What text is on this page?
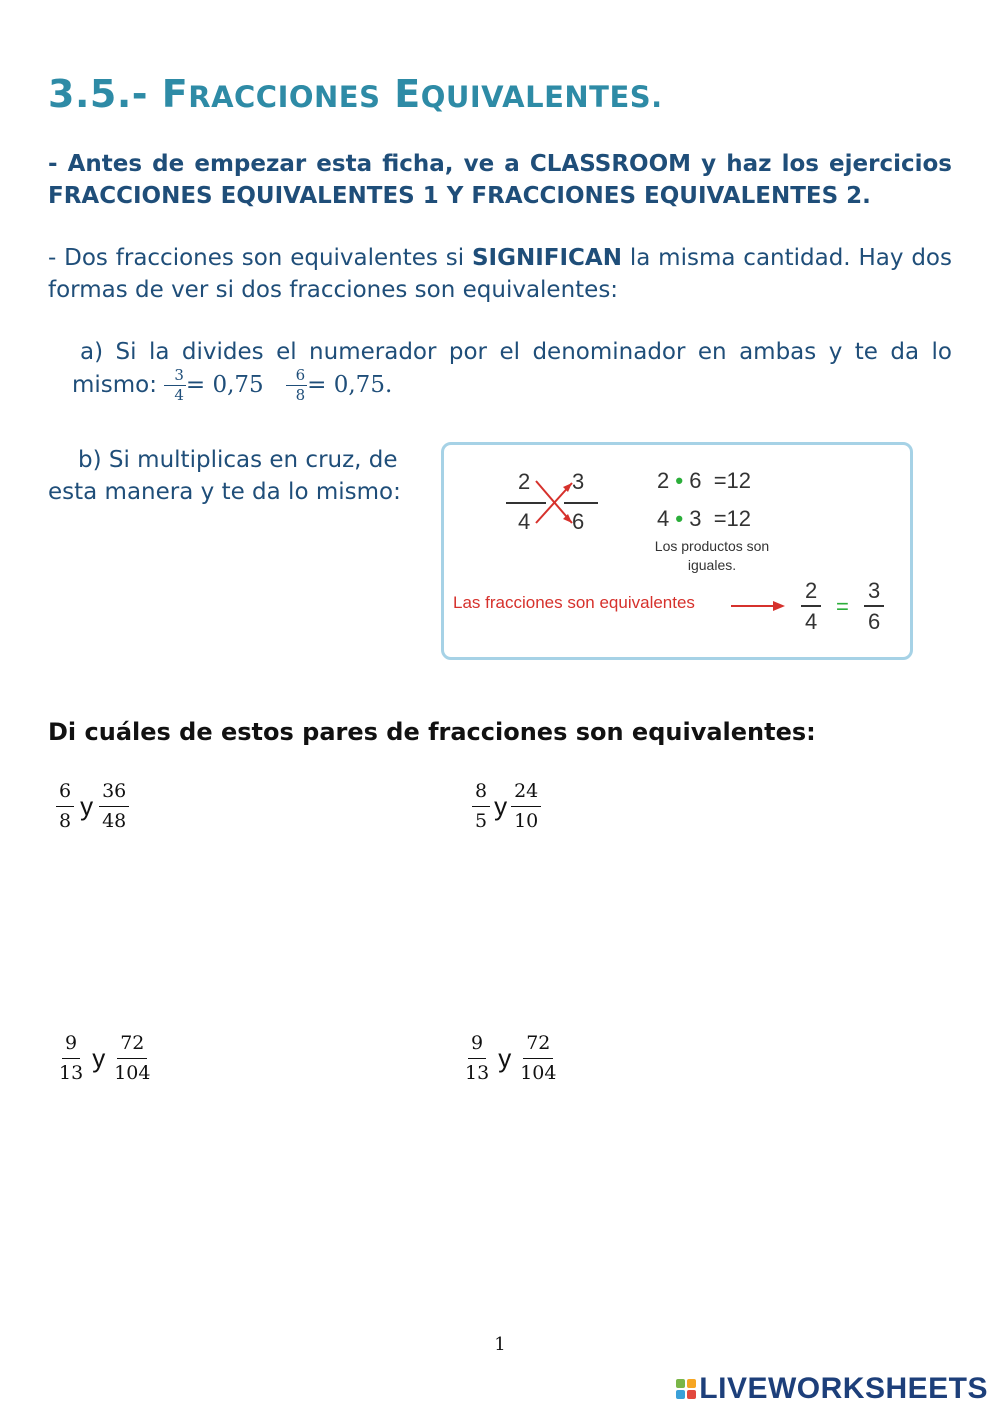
3.5.- FRACCIONES EQUIVALENTES.
- Antes de empezar esta ficha, ve a CLASSROOM y haz los ejercicios FRACCIONES EQUIVALENTES 1 Y FRACCIONES EQUIVALENTES 2.
- Dos fracciones son equivalentes si SIGNIFICAN la misma cantidad. Hay dos formas de ver si dos fracciones son equivalentes:
a) Si la divides el numerador por el denominador en ambas y te da lo mismo: $\frac{3}{4} = 0,75 \frac{6}{8} = 0,75$.
b) Si multiplicas en cruz, de
esta manera y te da lo mismo:	2
4
3
6
2 • 6 =12
4 • 3 =12
Los productos son iguales.
Las fracciones son equivalentes	$\frac{2}{4} = \frac{3}{6}$
Di cuáles de estos pares de fracciones son equivalentes:
$\frac{6}{8}$ y $\frac{36}{48}$	$\frac{8}{5}$ y $\frac{24}{10}$
$\frac{9}{13}$ y $\frac{72}{104}$	$\frac{9}{13}$ y $\frac{72}{104}$
1
LIVEWORKSHEETS
